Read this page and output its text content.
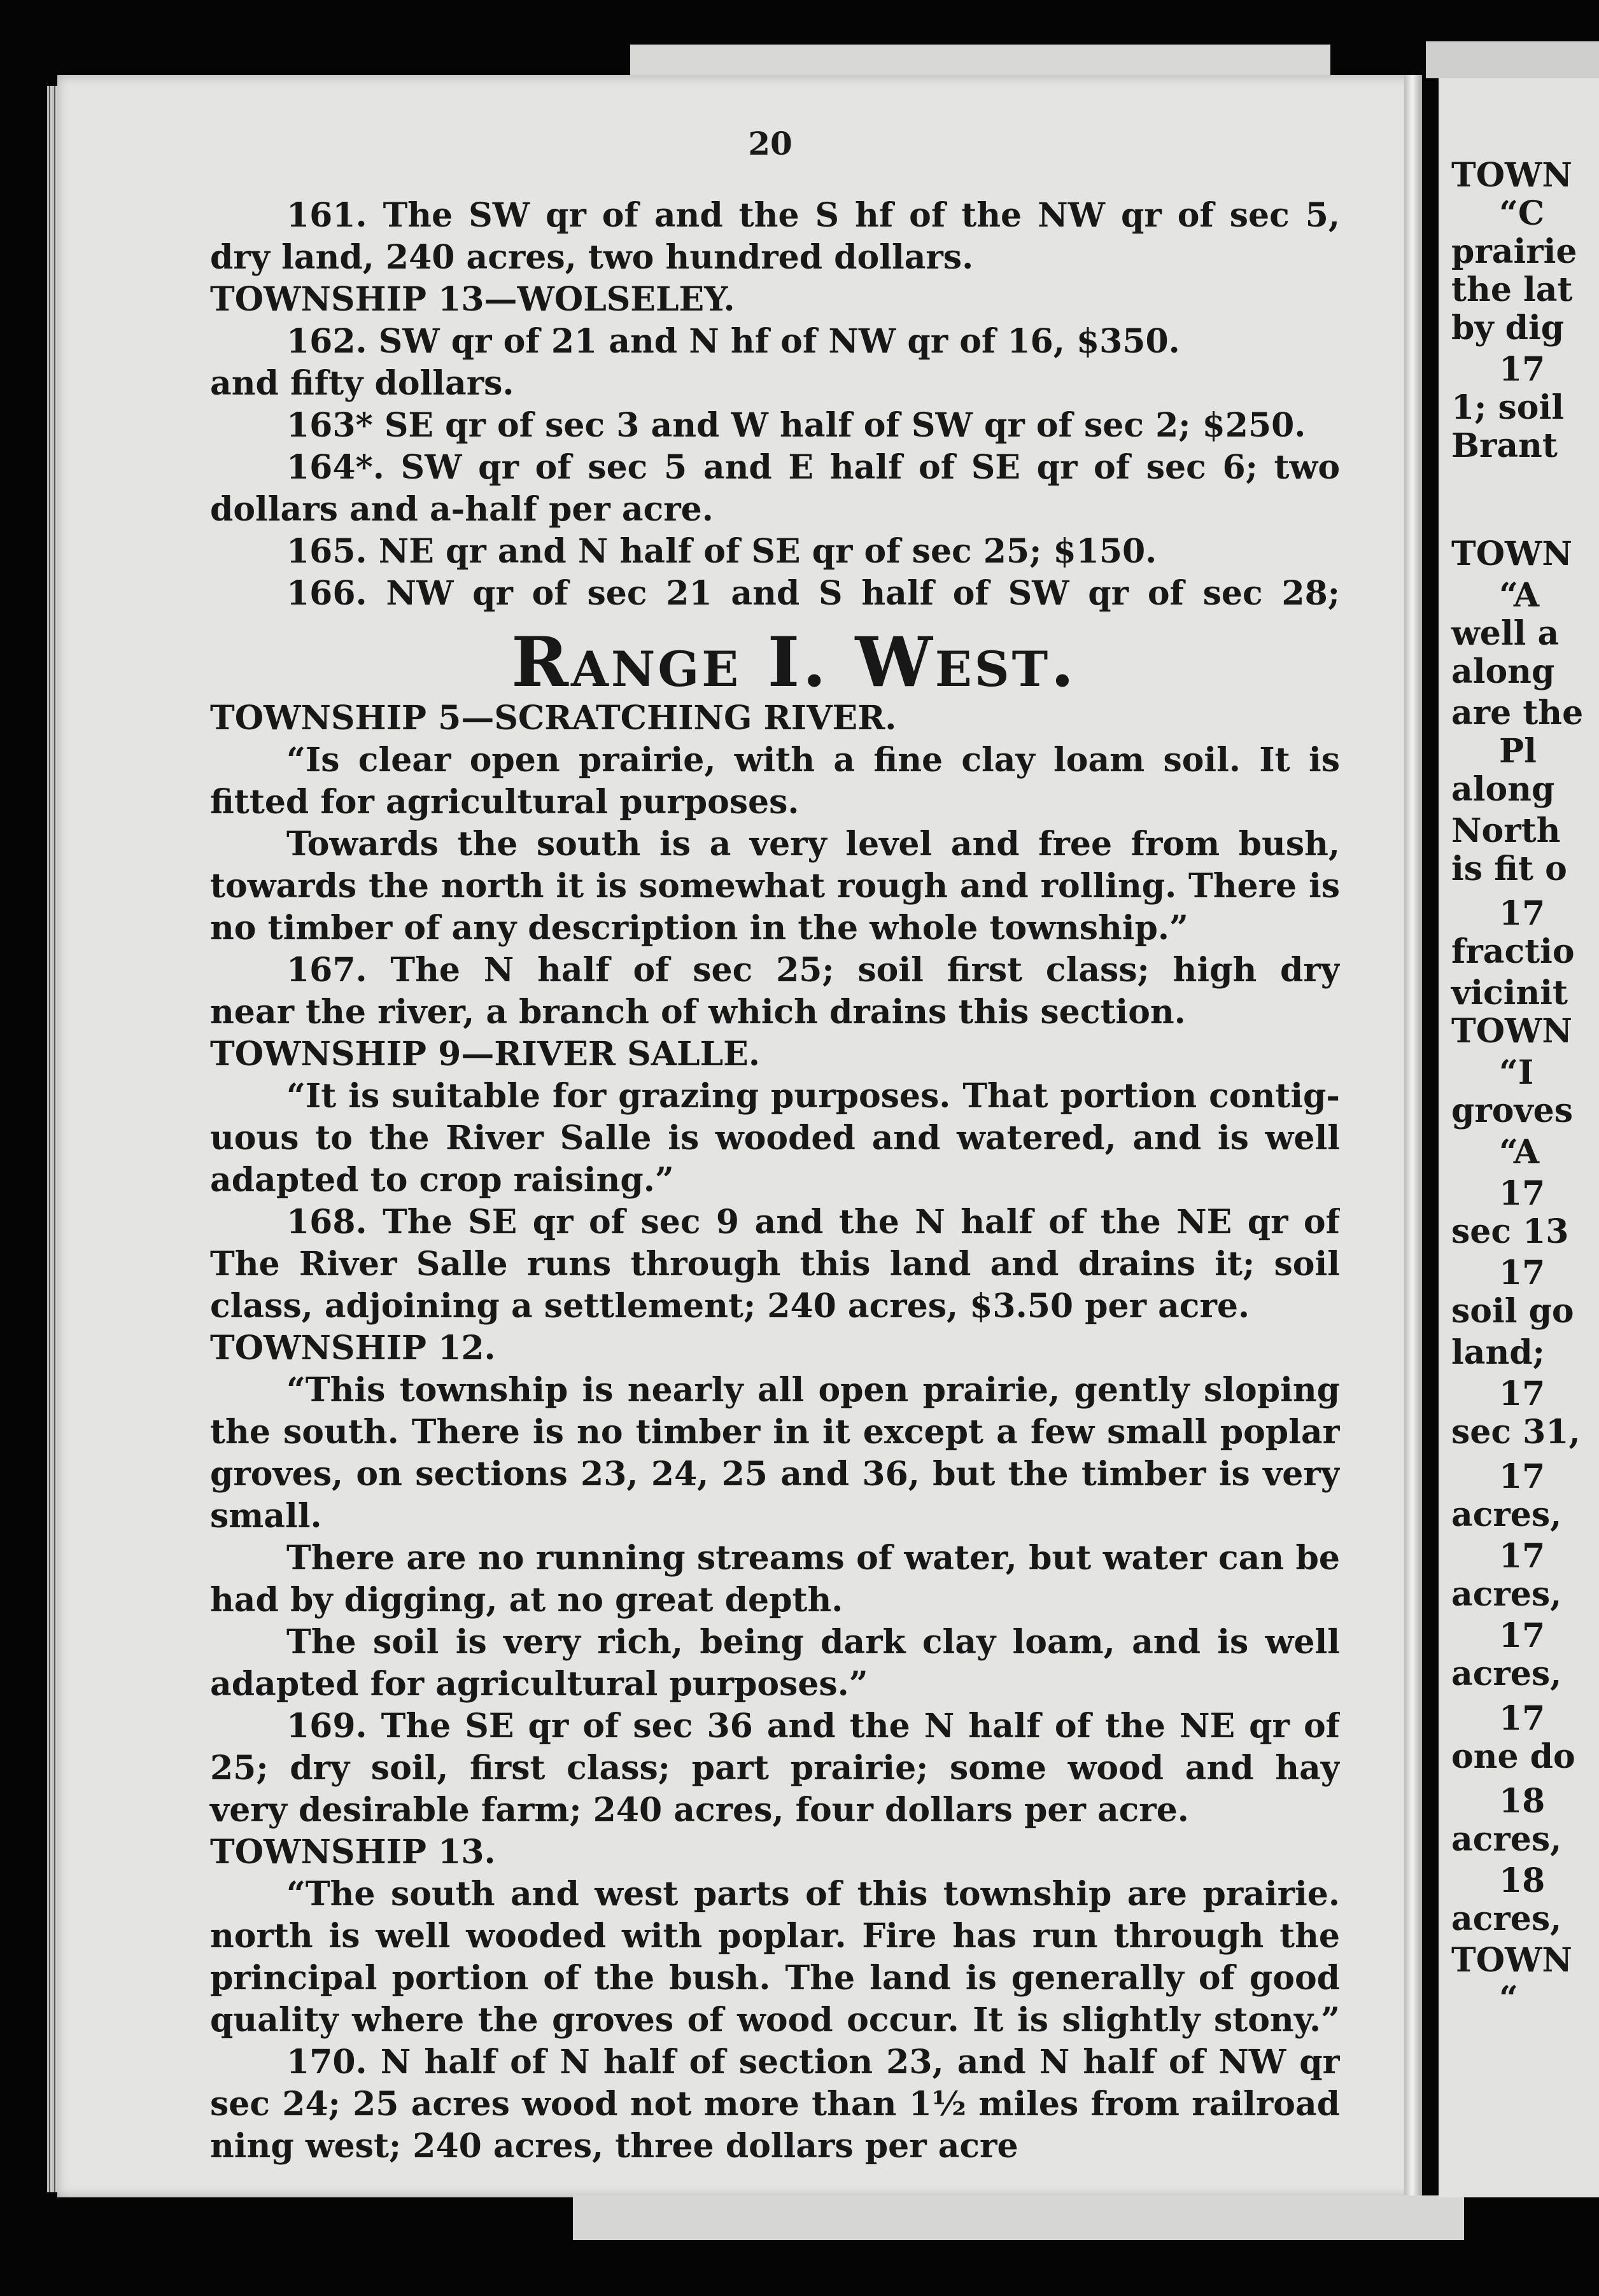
20
161. The SW qr of and the S hf of the NW qr of sec 5,
dry land, 240 acres, two hundred dollars.
TOWNSHIP 13—WOLSELEY.
162. SW qr of 21 and N hf of NW qr of 16, $350.
and fifty dollars.
163* SE qr of sec 3 and W half of SW qr of sec 2; $250.
164*. SW qr of sec 5 and E half of SE qr of sec 6; two
dollars and a-half per acre.
165. NE qr and N half of SE qr of sec 25; $150.
166. NW qr of sec 21 and S half of SW qr of sec 28;
Range I. West.
TOWNSHIP 5—SCRATCHING RIVER.
“Is clear open prairie, with a fine clay loam soil. It is
fitted for agricultural purposes.
Towards the south is a very level and free from bush,
towards the north it is somewhat rough and rolling. There is
no timber of any description in the whole township.”
167. The N half of sec 25; soil first class; high dry
near the river, a branch of which drains this section.
TOWNSHIP 9—RIVER SALLE.
“It is suitable for grazing purposes. That portion contig-
uous to the River Salle is wooded and watered, and is well
adapted to crop raising.”
168. The SE qr of sec 9 and the N half of the NE qr of
The River Salle runs through this land and drains it; soil
class, adjoining a settlement; 240 acres, $3.50 per acre.
TOWNSHIP 12.
“This township is nearly all open prairie, gently sloping
the south. There is no timber in it except a few small poplar
groves, on sections 23, 24, 25 and 36, but the timber is very
small.
There are no running streams of water, but water can be
had by digging, at no great depth.
The soil is very rich, being dark clay loam, and is well
adapted for agricultural purposes.”
169. The SE qr of sec 36 and the N half of the NE qr of
25; dry soil, first class; part prairie; some wood and hay
very desirable farm; 240 acres, four dollars per acre.
TOWNSHIP 13.
“The south and west parts of this township are prairie.
north is well wooded with poplar. Fire has run through the
principal portion of the bush. The land is generally of good
quality where the groves of wood occur. It is slightly stony.”
170. N half of N half of section 23, and N half of NW qr
sec 24; 25 acres wood not more than 1½ miles from railroad
ning west; 240 acres, three dollars per acre
TOWN
“C
prairie
the lat
by dig
17
1; soil
Brant
TOWN
“A
well a
along
are the
Pl
along
North
is fit o
17
fractio
vicinit
TOWN
“I
groves
“A
17
sec 13
17
soil go
land;
17
sec 31,
17
acres,
17
acres,
17
acres,
17
one do
18
acres,
18
acres,
TOWN
“
